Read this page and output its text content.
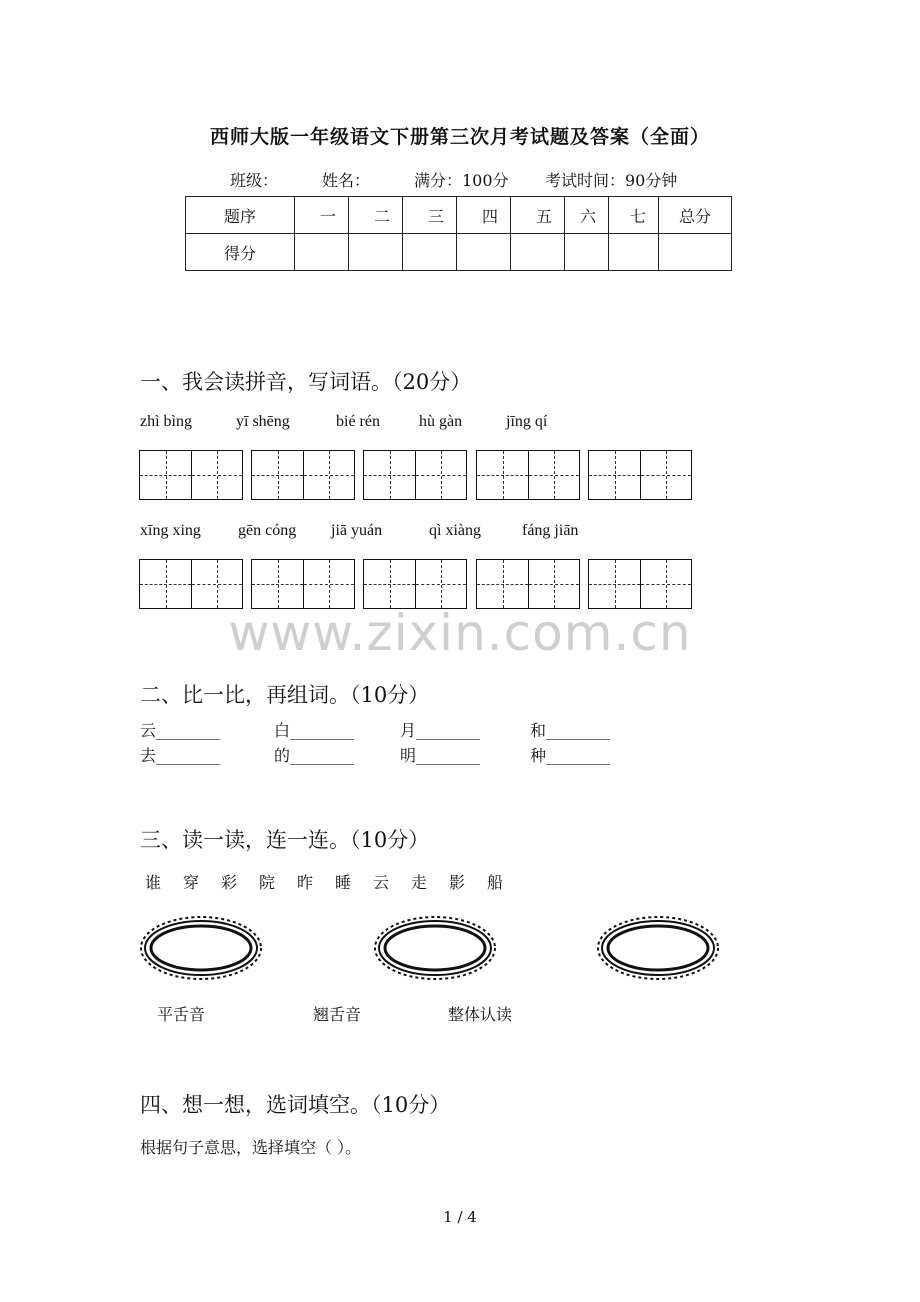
西师大版一年级语文下册第三次月考试题及答案（全面）
班级：	姓名：	满分：100分 考试时间：90分钟
题序	一	二	三	四	五	六	七	总分
得分								
一、我会读拼音，写词语。（20分）
zhì bìng	yī shēng	bié rén hù gàn	jīng qí
xīng xing gēn cóng jiā yuán	qì xiàng	fáng jiān
www.zixin.com.cn
二、比一比，再组词。（10分）
云________	白________	月________	和________
去________	的________	明________	种________
三、读一读，连一连。（10分）
谁 穿 彩 院 昨 睡 云 走 影 船
平舌音	翘舌音	整体认读
四、想一想，选词填空。（10分）
根据句子意思，选择填空（ ）。
1 / 4
